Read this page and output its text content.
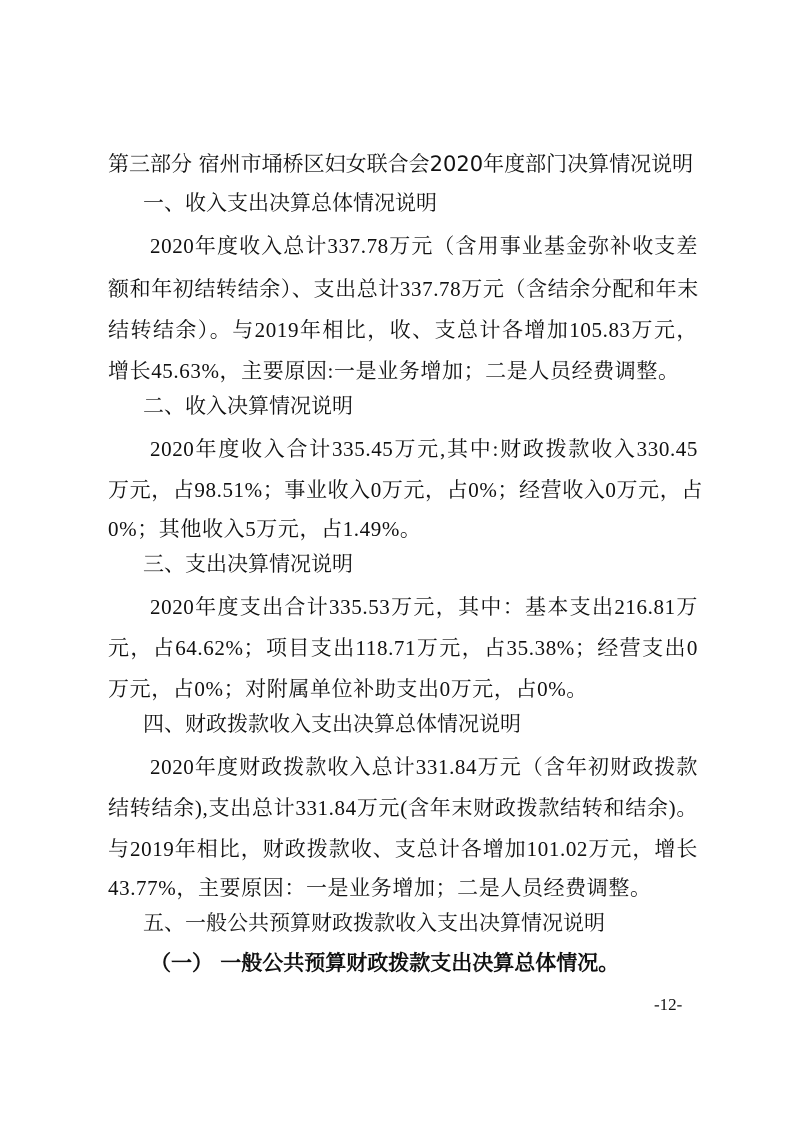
第三部分 宿州市埇桥区妇女联合会2020年度部门决算情况说明
一、收入支出决算总体情况说明
2020年度收入总计337.78万元（含用事业基金弥补收支差
额和年初结转结余）、支出总计337.78万元（含结余分配和年末
结转结余）。与2019年相比，收、支总计各增加105.83万元，
增长45.63%，主要原因:一是业务增加；二是人员经费调整。
二、收入决算情况说明
2020年度收入合计335.45万元,其中:财政拨款收入330.45
万元，占98.51%；事业收入0万元，占0%；经营收入0万元，占
0%；其他收入5万元，占1.49%。
三、支出决算情况说明
2020年度支出合计335.53万元，其中：基本支出216.81万
元，占64.62%；项目支出118.71万元，占35.38%；经营支出0
万元，占0%；对附属单位补助支出0万元，占0%。
四、财政拨款收入支出决算总体情况说明
2020年度财政拨款收入总计331.84万元（含年初财政拨款
结转结余),支出总计331.84万元(含年末财政拨款结转和结余)。
与2019年相比，财政拨款收、支总计各增加101.02万元，增长
43.77%，主要原因：一是业务增加；二是人员经费调整。
五、一般公共预算财政拨款收入支出决算情况说明
（一） 一般公共预算财政拨款支出决算总体情况。
-12-
